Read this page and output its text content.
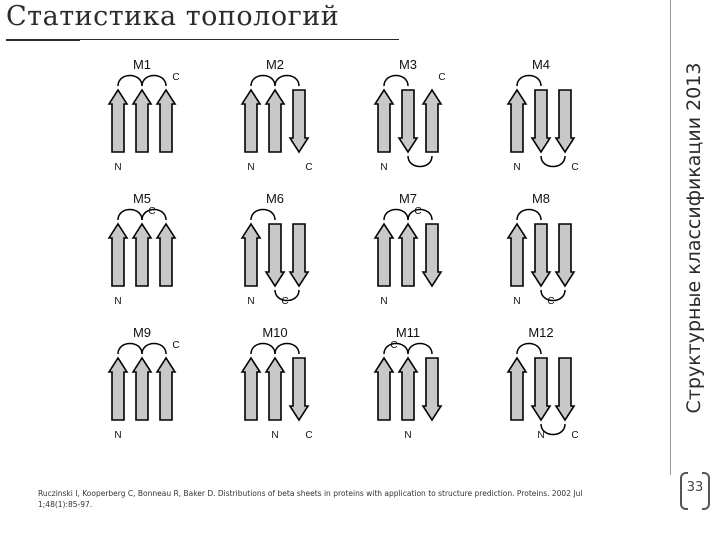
Статистика топологий
M1
N
C
M2
N	C
M3
N
C
M4
N	C
M5
N
C
M6
N	C
M7
N
C
M8
N	C
M9
N
C
M10
N	C
M11
N
C
M12
N	C
Ruczinski I, Kooperberg C, Bonneau R, Baker D. Distributions of beta sheets in proteins with application to structure prediction. Proteins. 2002 Jul 1;48(1):85-97.
Структурные классификации 2013
33
